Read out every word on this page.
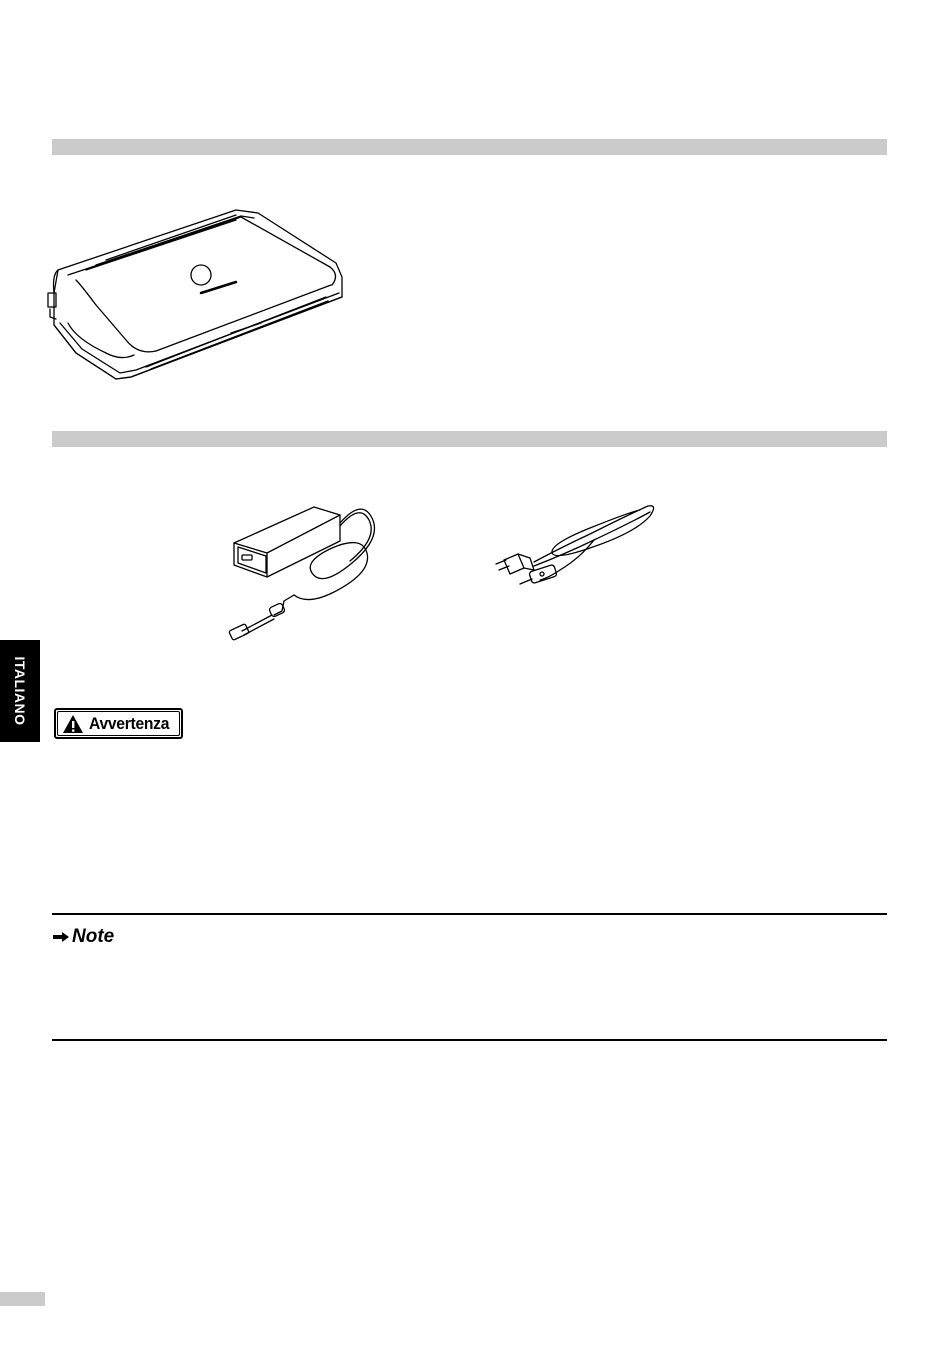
ITALIANO	Avvertenza
Note
